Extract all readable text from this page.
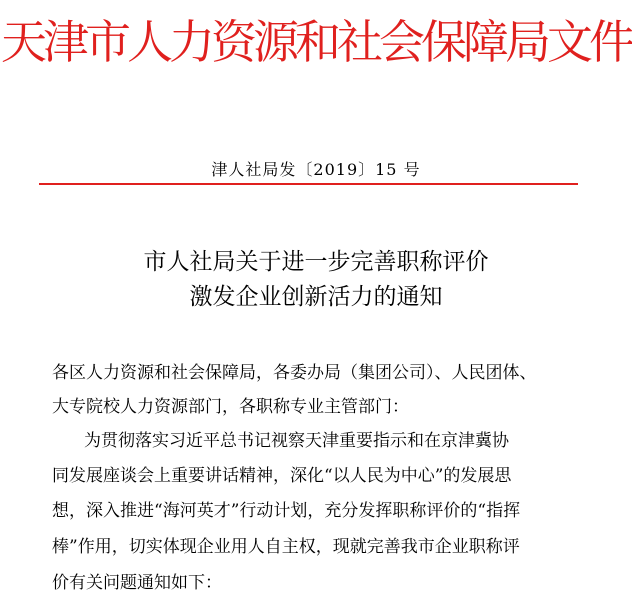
天津市人力资源和社会保障局文件
津人社局发〔2019〕15 号
市人社局关于进一步完善职称评价
激发企业创新活力的通知
各区人力资源和社会保障局，各委办局（集团公司）、人民团体、
大专院校人力资源部门，各职称专业主管部门：
为贯彻落实习近平总书记视察天津重要指示和在京津冀协
同发展座谈会上重要讲话精神，深化“以人民为中心”的发展思
想，深入推进“海河英才”行动计划，充分发挥职称评价的“指挥
棒”作用，切实体现企业用人自主权，现就完善我市企业职称评
价有关问题通知如下：
